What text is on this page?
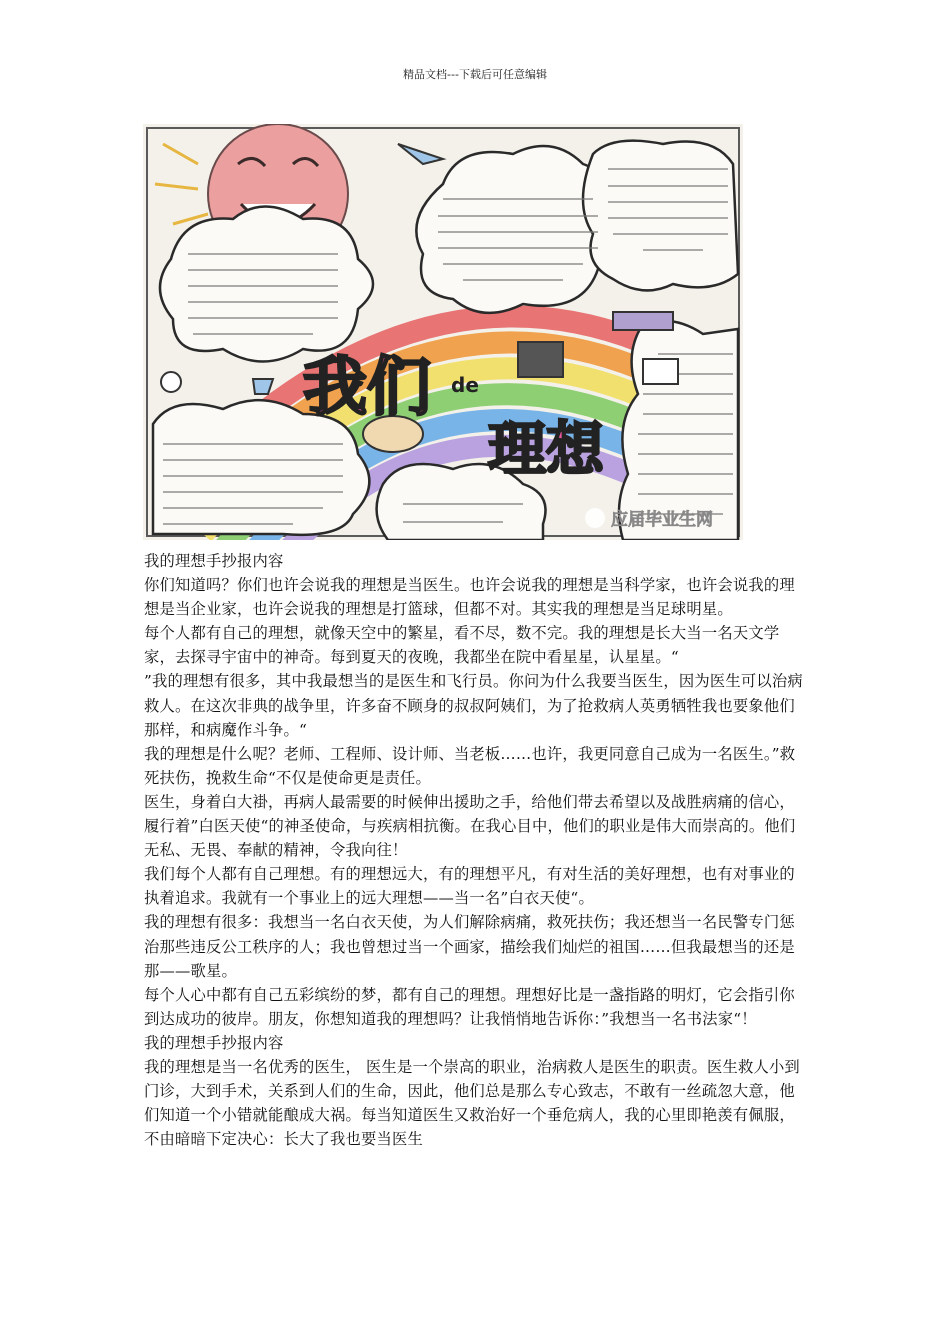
精品文档---下载后可任意编辑
我们 de
理想
应届毕业生网

我的理想手抄报内容

你们知道吗？你们也许会说我的理想是当医生。也许会说我的理想是当科学家，也许会说我的理想是当企业家，也许会说我的理想是打篮球，但都不对。其实我的理想是当足球明星。

每个人都有自己的理想，就像天空中的繁星，看不尽，数不完。我的理想是长大当一名天文学家，去探寻宇宙中的神奇。每到夏天的夜晚，我都坐在院中看星星，认星星。“

”我的理想有很多，其中我最想当的是医生和飞行员。你问为什么我要当医生，因为医生可以治病救人。在这次非典的战争里，许多奋不顾身的叔叔阿姨们，为了抢救病人英勇牺牲我也要象他们那样，和病魔作斗争。“

我的理想是什么呢？老师、工程师、设计师、当老板……也许，我更同意自己成为一名医生。”救死扶伤，挽救生命“不仅是使命更是责任。

医生，身着白大褂，再病人最需要的时候伸出援助之手，给他们带去希望以及战胜病痛的信心，履行着”白医天使“的神圣使命，与疾病相抗衡。在我心目中，他们的职业是伟大而崇高的。他们无私、无畏、奉献的精神，令我向往！

我们每个人都有自己理想。有的理想远大，有的理想平凡，有对生活的美好理想，也有对事业的执着追求。我就有一个事业上的远大理想——当一名”白衣天使“。

我的理想有很多：我想当一名白衣天使，为人们解除病痛，救死扶伤；我还想当一名民警专门惩治那些违反公工秩序的人；我也曾想过当一个画家，描绘我们灿烂的祖国……但我最想当的还是那——歌星。

每个人心中都有自己五彩缤纷的梦，都有自己的理想。理想好比是一盏指路的明灯，它会指引你到达成功的彼岸。朋友，你想知道我的理想吗？让我悄悄地告诉你：”我想当一名书法家“！

我的理想手抄报内容

我的理想是当一名优秀的医生， 医生是一个崇高的职业，治病救人是医生的职责。医生救人小到门诊，大到手术，关系到人们的生命，因此，他们总是那么专心致志，不敢有一丝疏忽大意，他们知道一个小错就能酿成大祸。每当知道医生又救治好一个垂危病人，我的心里即艳羡有佩服，不由暗暗下定决心：长大了我也要当医生
